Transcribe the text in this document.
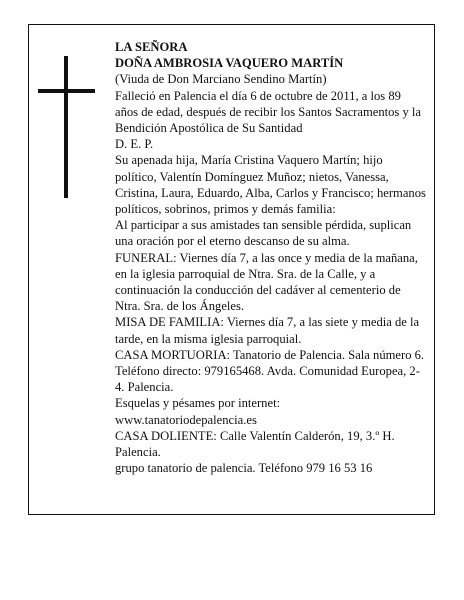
LA SEÑORA

DOÑA AMBROSIA VAQUERO MARTÍN

(Viuda de Don Marciano Sendino Martín)

Falleció en Palencia el día 6 de octubre de 2011, a los 89 años de edad, después de recibir los Santos Sacramentos y la Bendición Apostólica de Su Santidad

D. E. P.

Su apenada hija, María Cristina Vaquero Martín; hijo político, Valentín Domínguez Muñoz; nietos, Vanessa, Cristina, Laura, Eduardo, Alba, Carlos y Francisco; hermanos políticos, sobrinos, primos y demás familia:

Al participar a sus amistades tan sensible pérdida, suplican una oración por el eterno descanso de su alma.

FUNERAL: Viernes día 7, a las once y media de la mañana, en la iglesia parroquial de Ntra. Sra. de la Calle, y a continuación la conducción del cadáver al cementerio de Ntra. Sra. de los Ángeles.

MISA DE FAMILIA: Viernes día 7, a las siete y media de la tarde, en la misma iglesia parroquial.

CASA MORTUORIA: Tanatorio de Palencia. Sala número 6. Teléfono directo: 979165468. Avda. Comunidad Europea, 2-4. Palencia.

Esquelas y pésames por internet:

www.tanatoriodepalencia.es

CASA DOLIENTE: Calle Valentín Calderón, 19, 3.º H. Palencia.

grupo tanatorio de palencia. Teléfono 979 16 53 16
